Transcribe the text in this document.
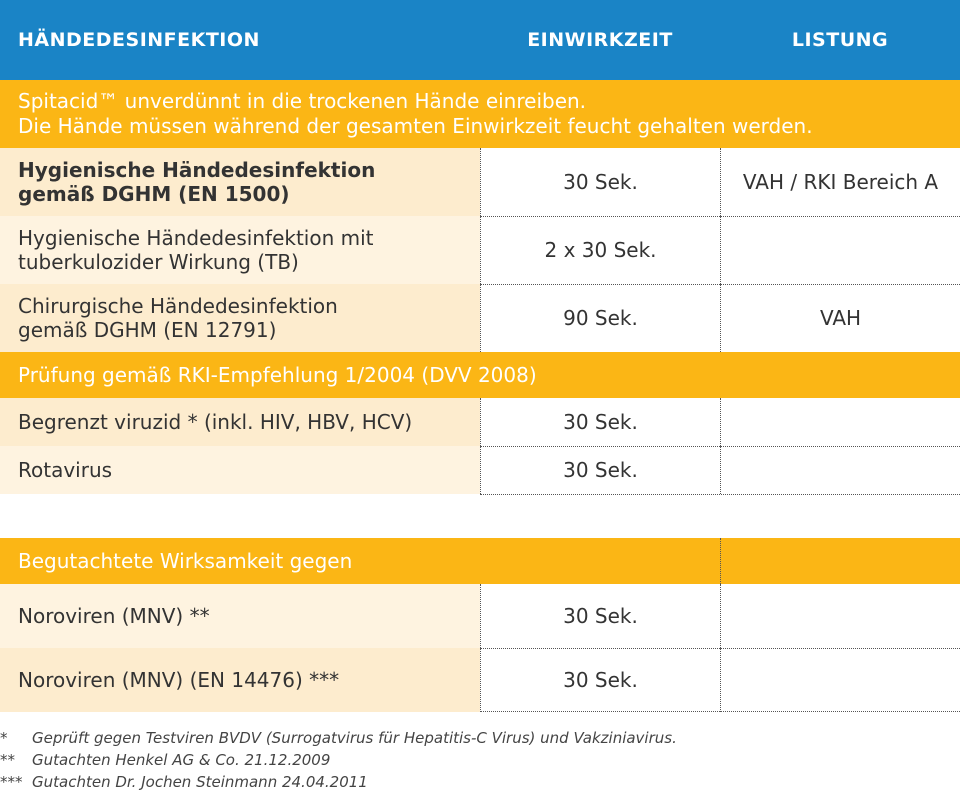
HÄNDEDESINFEKTION	EINWIRKZEIT	LISTUNG
Spitacid™ unverdünnt in die trockenen Hände einreiben.
Die Hände müssen während der gesamten Einwirkzeit feucht gehalten werden.
Hygienische Händedesinfektion
gemäß DGHM (EN 1500)	30 Sek.	VAH / RKI Bereich A
Hygienische Händedesinfektion mit
tuberkulozider Wirkung (TB)	2 x 30 Sek.
Chirurgische Händedesinfektion
gemäß DGHM (EN 12791)	90 Sek.	VAH
Prüfung gemäß RKI-Empfehlung 1/2004 (DVV 2008)
Begrenzt viruzid * (inkl. HIV, HBV, HCV)	30 Sek.
Rotavirus	30 Sek.
Begutachtete Wirksamkeit gegen
Noroviren (MNV) **	30 Sek.
Noroviren (MNV) (EN 14476) ***	30 Sek.
* Geprüft gegen Testviren BVDV (Surrogatvirus für Hepatitis-C Virus) und Vakziniavirus.
** Gutachten Henkel AG & Co. 21.12.2009
*** Gutachten Dr. Jochen Steinmann 24.04.2011
